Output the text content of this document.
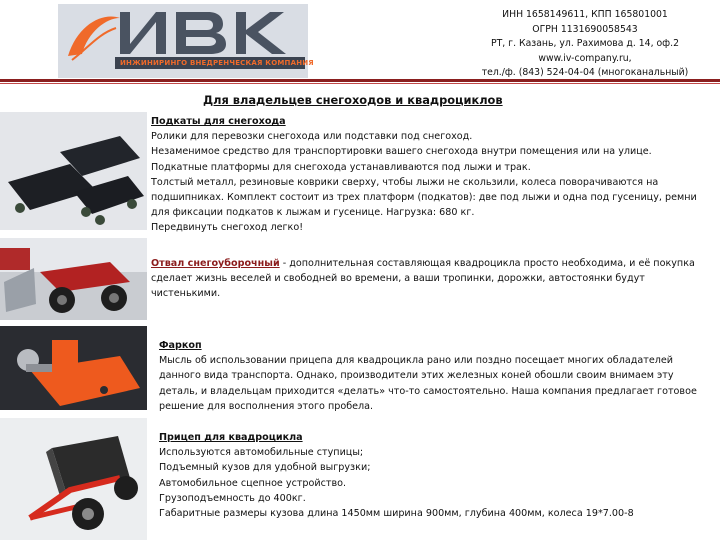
ИНЖИНИРИНГО ВНЕДРЕНЧЕСКАЯ КОМПАНИЯ
ИНН 1658149611, КПП 165801001
ОГРН 1131690058543
РТ, г. Казань, ул. Рахимова д. 14, оф.2
www.iv-company.ru,
тел./ф. (843) 524-04-04 (многоканальный)
Для владельцев снегоходов и квадроциклов

Подкаты для снегохода

Ролики для перевозки снегохода или подставки под снегоход.

Незаменимое средство для транспортировки вашего снегохода внутри помещения или на улице.

Подкатные платформы для снегохода устанавливаются под лыжи и трак.

Толстый металл, резиновые коврики сверху, чтобы лыжи не скользили, колеса поворачиваются на

подшипниках. Комплект состоит из трех платформ (подкатов): две под лыжи и одна под гусеницу, ремни

для фиксации подкатов к лыжам и гусенице. Нагрузка: 680 кг.

Передвинуть снегоход легко!

Отвал снегоуборочный - дополнительная составляющая квадроцикла просто необходима, и её покупка

сделает жизнь веселей и свободней во времени, а ваши тропинки, дорожки, автостоянки будут

чистенькими.

Фаркоп

Мысль об использовании прицепа для квадроцикла рано или поздно посещает многих обладателей

данного вида транспорта. Однако, производители этих железных коней обошли своим внимаем эту

деталь, и владельцам приходится «делать» что-то самостоятельно. Наша компания предлагает готовое

решение для восполнения этого пробела.

Прицеп для квадроцикла

Используются автомобильные ступицы;

Подъемный кузов для удобной выгрузки;

Автомобильное сцепное устройство.

Грузоподъемность до 400кг.

Габаритные размеры кузова длина 1450мм ширина 900мм, глубина 400мм, колеса 19*7.00-8
